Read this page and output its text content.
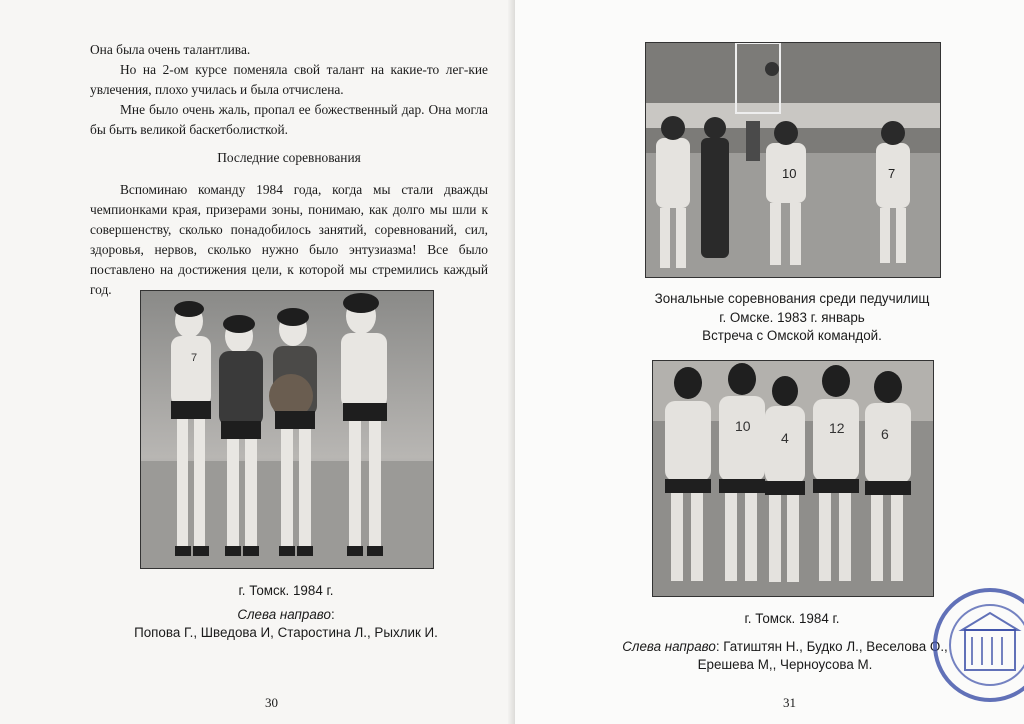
Она была очень талантлива.

Но на 2-ом курсе поменяла свой талант на какие-то лег-кие увлечения, плохо училась и была отчислена.

Мне было очень жаль, пропал ее божественный дар. Она могла бы быть великой баскетболисткой.

Последние соревнования

Вспоминаю команду 1984 года, когда мы стали дважды чемпионками края, призерами зоны, понимаю, как долго мы шли к совершенству, сколько понадобилось занятий, соревнований, сил, здоровья, нервов, сколько нужно было энтузиазма! Все было поставлено на достижения цели, к которой мы стремились каждый год.

7

г. Томск. 1984 г.

Слева направо:

Попова Г., Шведова И, Старостина Л., Рыхлик И.

30
10	7

Зональные соревнования среди педучилищ

г. Омске. 1983 г. январь

Встреча с Омской командой.

10
4
12	6

г. Томск. 1984 г.

Слева направо: Гатиштян Н., Будко Л., Веселова О.,

Ерешева М,, Черноусова М.

31
